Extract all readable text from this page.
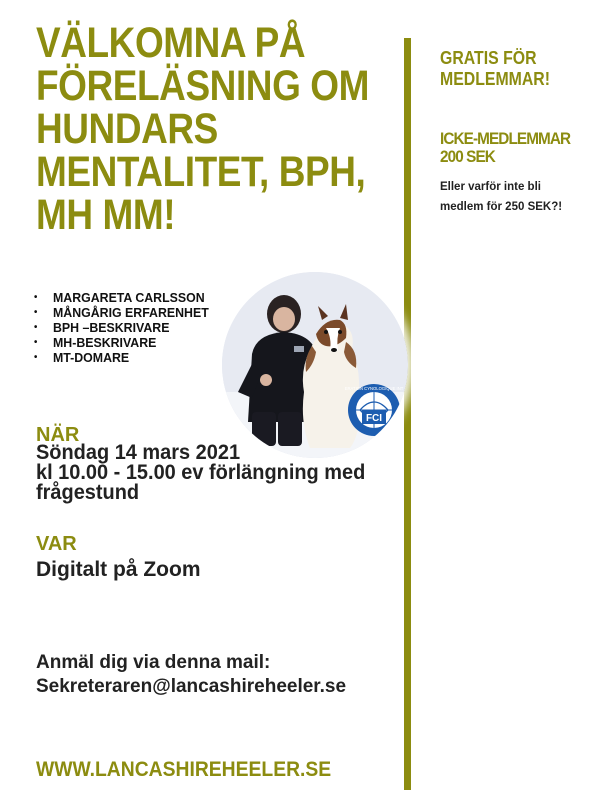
VÄLKOMNA PÅ
FÖRELÄSNING OM
HUNDARS
MENTALITET, BPH,
MH MM!
GRATIS FÖR
MEDLEMMAR!
ICKE-MEDLEMMAR
200 SEK
Eller varför inte bli
medlem för 250 SEK?!
• MARGARETA CARLSSON
• MÅNGÅRIG ERFARENHET
• BPH –BESKRIVARE
• MH-BESKRIVARE
• MT-DOMARE
FCI
ERATION CYNOLOGIQUE INT
NÄR
Söndag 14 mars 2021
kl 10.00 - 15.00 ev förlängning med
frågestund
VAR
Digitalt på Zoom
Anmäl dig via denna mail:
Sekreteraren@lancashireheeler.se
WWW.LANCASHIREHEELER.SE
